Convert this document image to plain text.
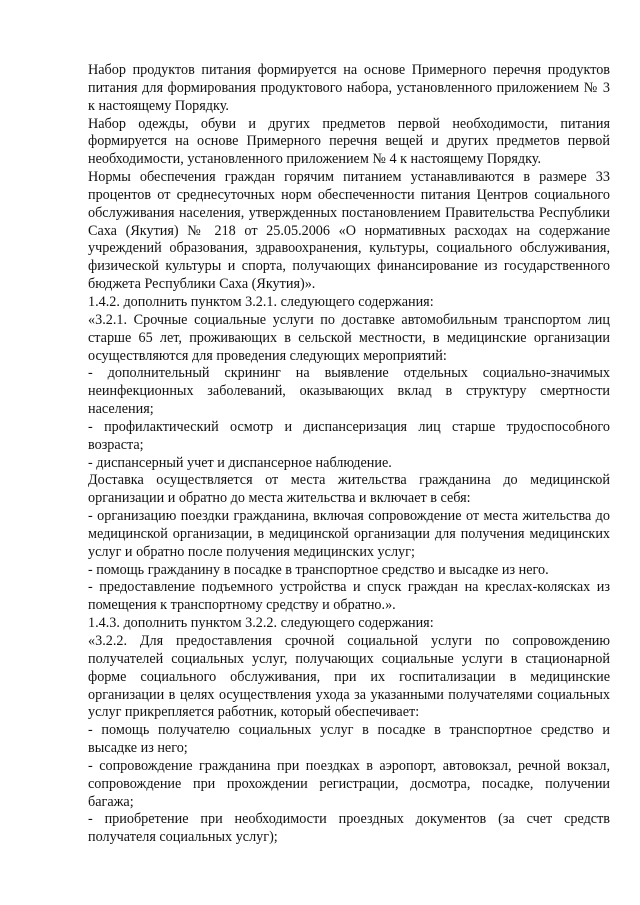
Набор продуктов питания формируется на основе Примерного перечня продуктов питания для формирования продуктового набора, установленного приложением № 3 к настоящему Порядку.

Набор одежды, обуви и других предметов первой необходимости, питания формируется на основе Примерного перечня вещей и других предметов первой необходимости, установленного приложением № 4 к настоящему Порядку.

Нормы обеспечения граждан горячим питанием устанавливаются в размере 33 процентов от среднесуточных норм обеспеченности питания Центров социального обслуживания населения, утвержденных постановлением Правительства Республики Саха (Якутия) № 218 от 25.05.2006 «О нормативных расходах на содержание учреждений образования, здравоохранения, культуры, социального обслуживания, физической культуры и спорта, получающих финансирование из государственного бюджета Республики Саха (Якутия)».

1.4.2. дополнить пунктом 3.2.1. следующего содержания:

«3.2.1. Срочные социальные услуги по доставке автомобильным транспортом лиц старше 65 лет, проживающих в сельской местности, в медицинские организации осуществляются для проведения следующих мероприятий:

- дополнительный скрининг на выявление отдельных социально-значимых неинфекционных заболеваний, оказывающих вклад в структуру смертности населения;

- профилактический осмотр и диспансеризация лиц старше трудоспособного возраста;

- диспансерный учет и диспансерное наблюдение.

Доставка осуществляется от места жительства гражданина до медицинской организации и обратно до места жительства и включает в себя:

- организацию поездки гражданина, включая сопровождение от места жительства до медицинской организации, в медицинской организации для получения медицинских услуг и обратно после получения медицинских услуг;

- помощь гражданину в посадке в транспортное средство и высадке из него.

- предоставление подъемного устройства и спуск граждан на креслах-колясках из помещения к транспортному средству и обратно.».

1.4.3. дополнить пунктом 3.2.2. следующего содержания:

«3.2.2. Для предоставления срочной социальной услуги по сопровождению получателей социальных услуг, получающих социальные услуги в стационарной форме социального обслуживания, при их госпитализации в медицинские организации в целях осуществления ухода за указанными получателями социальных услуг прикрепляется работник, который обеспечивает:

- помощь получателю социальных услуг в посадке в транспортное средство и высадке из него;

- сопровождение гражданина при поездках в аэропорт, автовокзал, речной вокзал, сопровождение при прохождении регистрации, досмотра, посадке, получении багажа;

- приобретение при необходимости проездных документов (за счет средств получателя социальных услуг);
